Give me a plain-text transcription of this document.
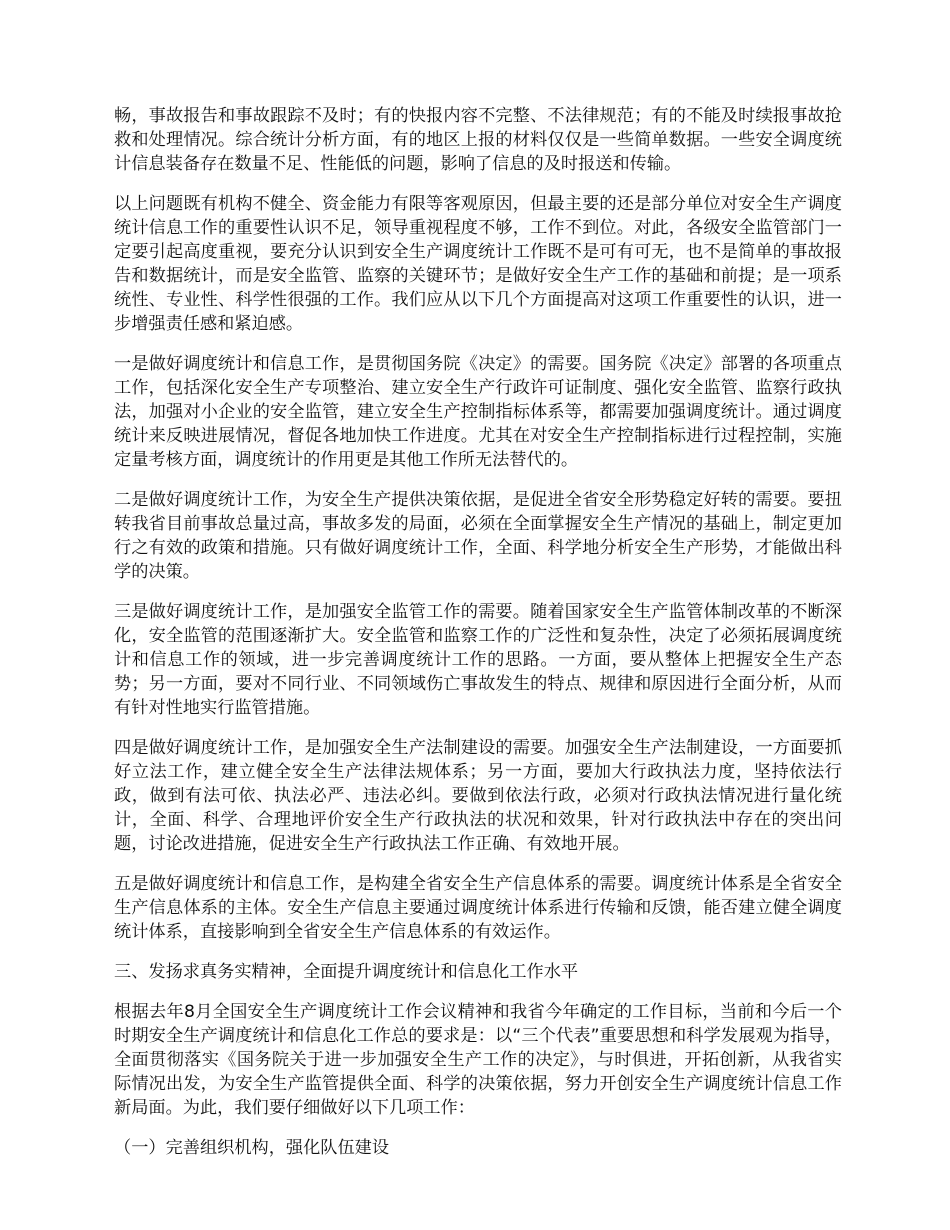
畅，事故报告和事故跟踪不及时；有的快报内容不完整、不法律规范；有的不能及时续报事故抢救和处理情况。综合统计分析方面，有的地区上报的材料仅仅是一些简单数据。一些安全调度统计信息装备存在数量不足、性能低的问题，影响了信息的及时报送和传输。

以上问题既有机构不健全、资金能力有限等客观原因，但最主要的还是部分单位对安全生产调度统计信息工作的重要性认识不足，领导重视程度不够，工作不到位。对此，各级安全监管部门一定要引起高度重视，要充分认识到安全生产调度统计工作既不是可有可无，也不是简单的事故报告和数据统计，而是安全监管、监察的关键环节；是做好安全生产工作的基础和前提；是一项系统性、专业性、科学性很强的工作。我们应从以下几个方面提高对这项工作重要性的认识，进一步增强责任感和紧迫感。

一是做好调度统计和信息工作，是贯彻国务院《决定》的需要。国务院《决定》部署的各项重点工作，包括深化安全生产专项整治、建立安全生产行政许可证制度、强化安全监管、监察行政执法，加强对小企业的安全监管，建立安全生产控制指标体系等，都需要加强调度统计。通过调度统计来反映进展情况，督促各地加快工作进度。尤其在对安全生产控制指标进行过程控制，实施定量考核方面，调度统计的作用更是其他工作所无法替代的。

二是做好调度统计工作，为安全生产提供决策依据，是促进全省安全形势稳定好转的需要。要扭转我省目前事故总量过高，事故多发的局面，必须在全面掌握安全生产情况的基础上，制定更加行之有效的政策和措施。只有做好调度统计工作，全面、科学地分析安全生产形势，才能做出科学的决策。

三是做好调度统计工作，是加强安全监管工作的需要。随着国家安全生产监管体制改革的不断深化，安全监管的范围逐渐扩大。安全监管和监察工作的广泛性和复杂性，决定了必须拓展调度统计和信息工作的领域，进一步完善调度统计工作的思路。一方面，要从整体上把握安全生产态势；另一方面，要对不同行业、不同领域伤亡事故发生的特点、规律和原因进行全面分析，从而有针对性地实行监管措施。

四是做好调度统计工作，是加强安全生产法制建设的需要。加强安全生产法制建设，一方面要抓好立法工作，建立健全安全生产法律法规体系；另一方面，要加大行政执法力度，坚持依法行政，做到有法可依、执法必严、违法必纠。要做到依法行政，必须对行政执法情况进行量化统计，全面、科学、合理地评价安全生产行政执法的状况和效果，针对行政执法中存在的突出问题，讨论改进措施，促进安全生产行政执法工作正确、有效地开展。

五是做好调度统计和信息工作，是构建全省安全生产信息体系的需要。调度统计体系是全省安全生产信息体系的主体。安全生产信息主要通过调度统计体系进行传输和反馈，能否建立健全调度统计体系，直接影响到全省安全生产信息体系的有效运作。

三、发扬求真务实精神，全面提升调度统计和信息化工作水平

根据去年8月全国安全生产调度统计工作会议精神和我省今年确定的工作目标，当前和今后一个时期安全生产调度统计和信息化工作总的要求是：以“三个代表”重要思想和科学发展观为指导，全面贯彻落实《国务院关于进一步加强安全生产工作的决定》，与时俱进，开拓创新，从我省实际情况出发，为安全生产监管提供全面、科学的决策依据，努力开创安全生产调度统计信息工作新局面。为此，我们要仔细做好以下几项工作：

（一）完善组织机构，强化队伍建设
